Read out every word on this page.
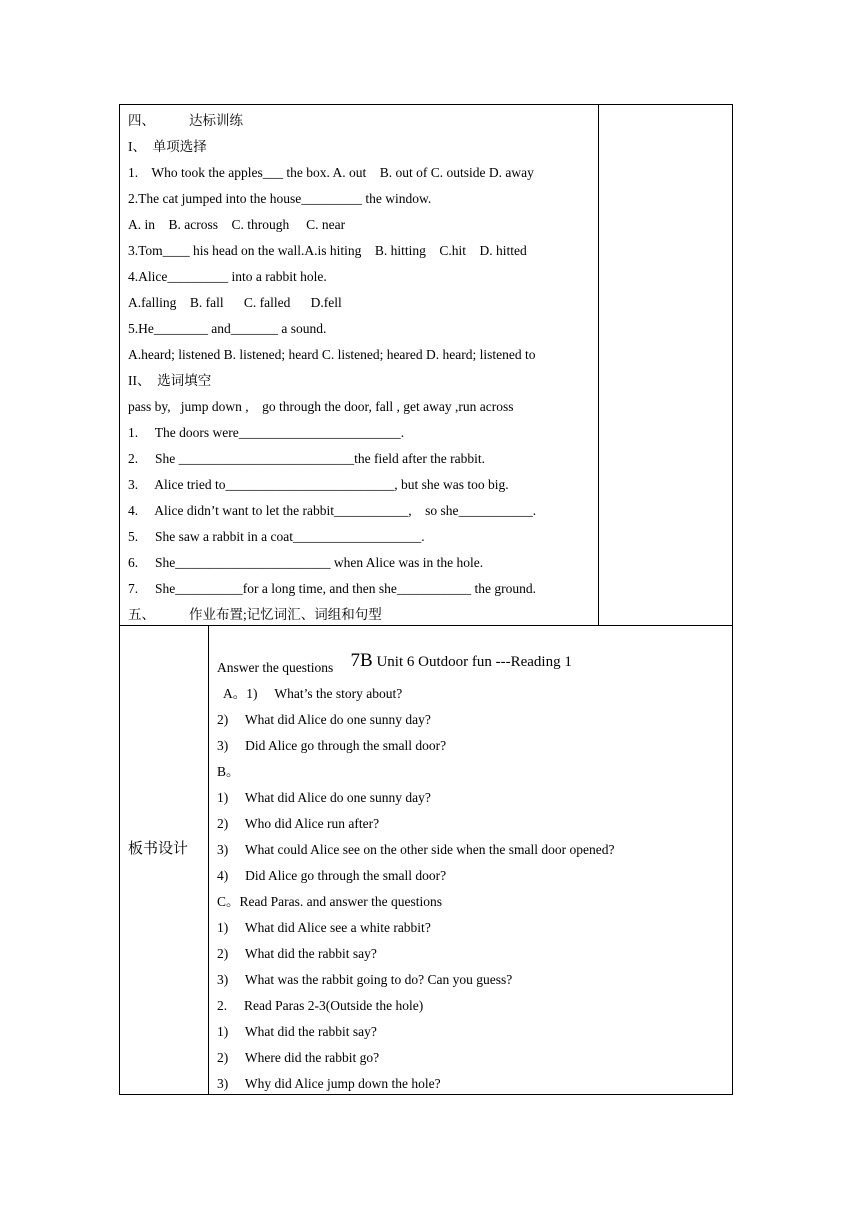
四、	达标训练
I、  单项选择
1.    Who took the apples___ the box. A. out    B. out of C. outside D. away
2.The cat jumped into the house_________ the window.
A. in    B. across    C. through     C. near
3.Tom____ his head on the wall.A.is hiting    B. hitting    C.hit    D. hitted
4.Alice_________ into a rabbit hole.
A.falling    B. fall      C. falled      D.fell
5.He________ and_______ a sound.
A.heard; listened B. listened; heard C. listened; heared D. heard; listened to
II、  选词填空
pass by,   jump down ,    go through the door, fall , get away ,run across
1.     The doors were________________________.
2.     She __________________________the field after the rabbit.
3.     Alice tried to_________________________, but she was too big.
4.     Alice didn’t want to let the rabbit___________,    so she___________.
5.     She saw a rabbit in a coat___________________.
6.     She_______________________ when Alice was in the hole.
7.     She__________for a long time, and then she___________ the ground.
五、	作业布置;记忆词汇、词组和句型
板书设计

7B Unit 6 Outdoor fun ---Reading 1

Answer the questions
A。1)     What’s the story about?
2)     What did Alice do one sunny day?
3)     Did Alice go through the small door?
B。
1)     What did Alice do one sunny day?
2)     Who did Alice run after?
3)     What could Alice see on the other side when the small door opened?
4)     Did Alice go through the small door?
C。Read Paras. and answer the questions
1)     What did Alice see a white rabbit?
2)     What did the rabbit say?
3)     What was the rabbit going to do? Can you guess?
2.     Read Paras 2-3(Outside the hole)
1)     What did the rabbit say?
2)     Where did the rabbit go?
3)     Why did Alice jump down the hole?
